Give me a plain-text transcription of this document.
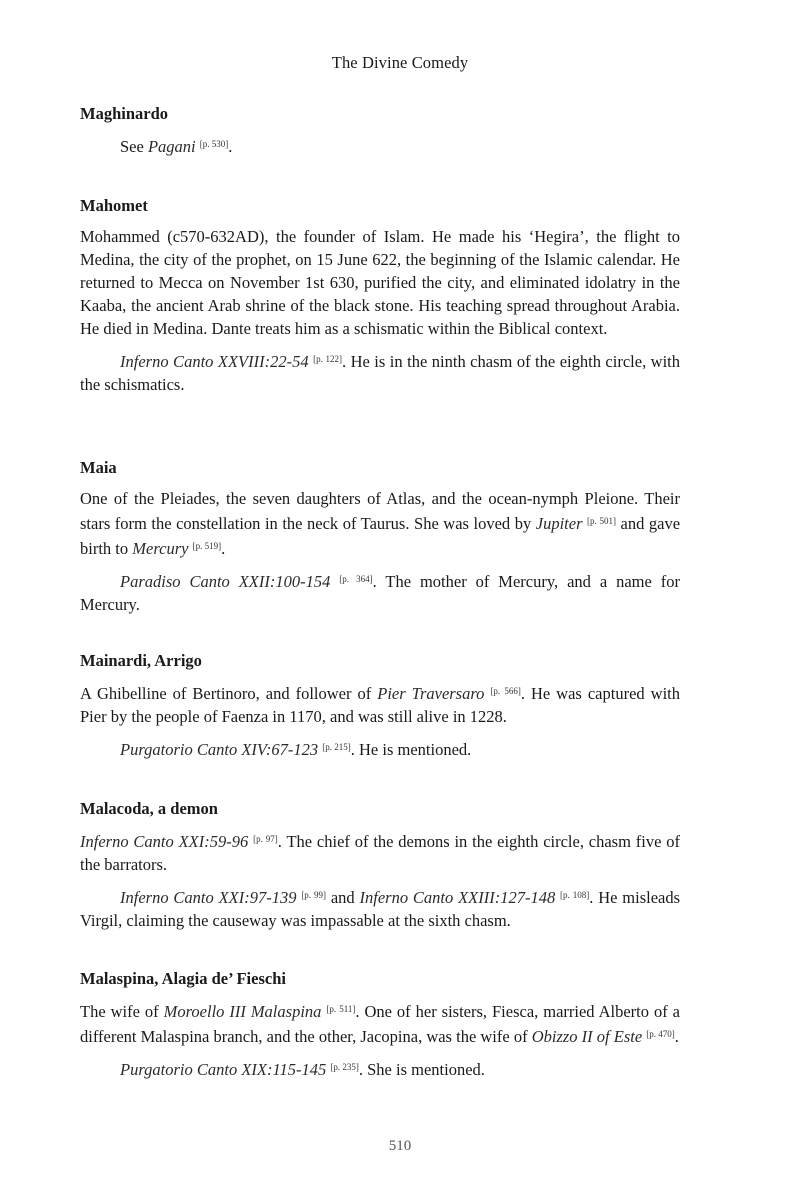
The Divine Comedy
Maghinardo

See Pagani [p. 530].

Mahomet

Mohammed (c570-632AD), the founder of Islam. He made his ‘Hegira’, the flight to Medina, the city of the prophet, on 15 June 622, the beginning of the Islamic calendar. He returned to Mecca on November 1st 630, purified the city, and eliminated idolatry in the Kaaba, the ancient Arab shrine of the black stone. His teaching spread throughout Arabia. He died in Medina. Dante treats him as a schismatic within the Biblical context.

Inferno Canto XXVIII:22-54 [p. 122]. He is in the ninth chasm of the eighth circle, with the schismatics.

Maia

One of the Pleiades, the seven daughters of Atlas, and the ocean-nymph Pleione. Their stars form the constellation in the neck of Taurus. She was loved by Jupiter [p. 501] and gave birth to Mercury [p. 519].

Paradiso Canto XXII:100-154 [p. 364]. The mother of Mercury, and a name for Mercury.

Mainardi, Arrigo

A Ghibelline of Bertinoro, and follower of Pier Traversaro [p. 566]. He was captured with Pier by the people of Faenza in 1170, and was still alive in 1228.

Purgatorio Canto XIV:67-123 [p. 215]. He is mentioned.

Malacoda, a demon

Inferno Canto XXI:59-96 [p. 97]. The chief of the demons in the eighth circle, chasm five of the barrators.

Inferno Canto XXI:97-139 [p. 99] and Inferno Canto XXIII:127-148 [p. 108]. He misleads Virgil, claiming the causeway was impassable at the sixth chasm.

Malaspina, Alagia de’ Fieschi

The wife of Moroello III Malaspina [p. 511]. One of her sisters, Fiesca, married Alberto of a different Malaspina branch, and the other, Jacopina, was the wife of Obizzo II of Este [p. 470].

Purgatorio Canto XIX:115-145 [p. 235]. She is mentioned.

510
